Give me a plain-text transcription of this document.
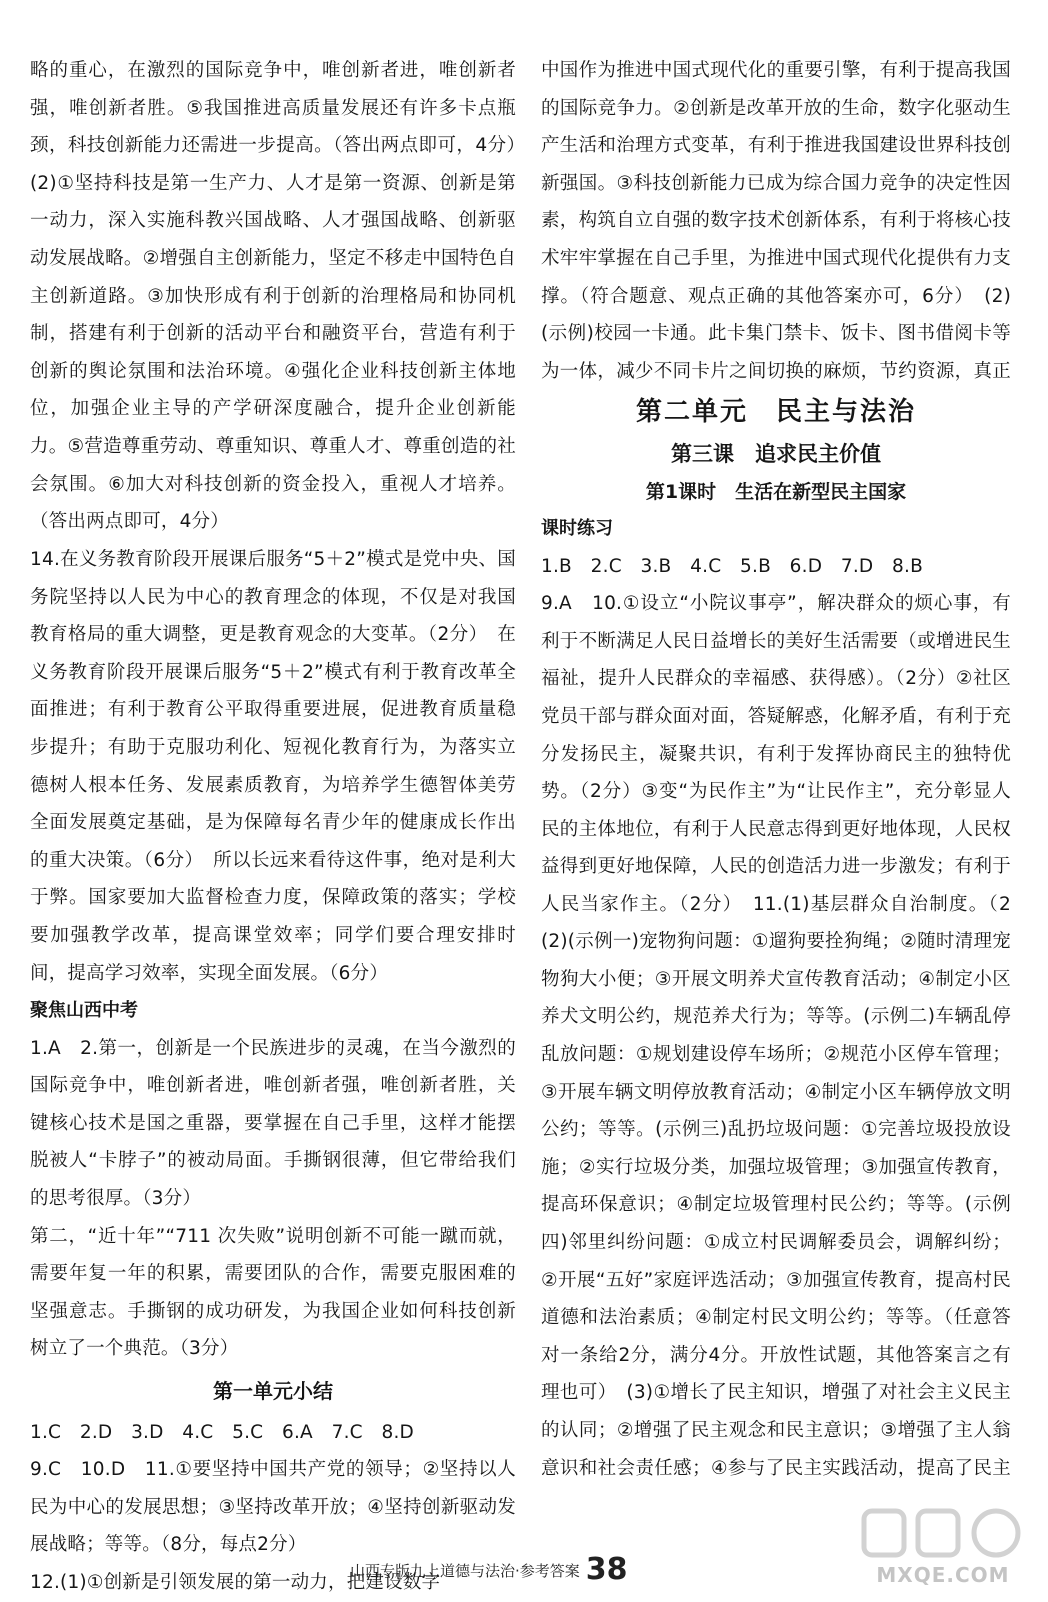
略的重心，在激烈的国际竞争中，唯创新者进，唯创新者强，唯创新者胜。⑤我国推进高质量发展还有许多卡点瓶颈，科技创新能力还需进一步提高。（答出两点即可，4分）　(2)①坚持科技是第一生产力、人才是第一资源、创新是第一动力，深入实施科教兴国战略、人才强国战略、创新驱动发展战略。②增强自主创新能力，坚定不移走中国特色自主创新道路。③加快形成有利于创新的治理格局和协同机制，搭建有利于创新的活动平台和融资平台，营造有利于创新的舆论氛围和法治环境。④强化企业科技创新主体地位，加强企业主导的产学研深度融合，提升企业创新能力。⑤营造尊重劳动、尊重知识、尊重人才、尊重创造的社会氛围。⑥加大对科技创新的资金投入，重视人才培养。（答出两点即可，4分）

14.在义务教育阶段开展课后服务“5＋2”模式是党中央、国务院坚持以人民为中心的教育理念的体现，不仅是对我国教育格局的重大调整，更是教育观念的大变革。（2分）　在义务教育阶段开展课后服务“5＋2”模式有利于教育改革全面推进；有利于教育公平取得重要进展，促进教育质量稳步提升；有助于克服功利化、短视化教育行为，为落实立德树人根本任务、发展素质教育，为培养学生德智体美劳全面发展奠定基础，是为保障每名青少年的健康成长作出的重大决策。（6分）　所以长远来看待这件事，绝对是利大于弊。国家要加大监督检查力度，保障政策的落实；学校要加强教学改革，提高课堂效率；同学们要合理安排时间，提高学习效率，实现全面发展。（6分）

聚焦山西中考

1.A　2.第一，创新是一个民族进步的灵魂，在当今激烈的国际竞争中，唯创新者进，唯创新者强，唯创新者胜，关键核心技术是国之重器，要掌握在自己手里，这样才能摆脱被人“卡脖子”的被动局面。手撕钢很薄，但它带给我们的思考很厚。（3分）

第二，“近十年”“711 次失败”说明创新不可能一蹴而就，需要年复一年的积累，需要团队的合作，需要克服困难的坚强意志。手撕钢的成功研发，为我国企业如何科技创新树立了一个典范。（3分）

第一单元小结

1.C　2.D　3.D　4.C　5.C　6.A　7.C　8.D

9.C　10.D　11.①要坚持中国共产党的领导；②坚持以人民为中心的发展思想；③坚持改革开放；④坚持创新驱动发展战略；等等。（8分，每点2分）

12.(1)①创新是引领发展的第一动力，把建设数字

中国作为推进中国式现代化的重要引擎，有利于提高我国的国际竞争力。②创新是改革开放的生命，数字化驱动生产生活和治理方式变革，有利于推进我国建设世界科技创新强国。③科技创新能力已成为综合国力竞争的决定性因素，构筑自立自强的数字技术创新体系，有利于将核心技术牢牢掌握在自己手里，为推进中国式现代化提供有力支撑。（符合题意、观点正确的其他答案亦可，6分）　(2)(示例)校园一卡通。此卡集门禁卡、饭卡、图书借阅卡等为一体，减少不同卡片之间切换的麻烦，节约资源，真正

第二单元　民主与法治

第三课　追求民主价值

第1课时　生活在新型民主国家

课时练习

1.B　2.C　3.B　4.C　5.B　6.D　7.D　8.B

9.A　10.①设立“小院议事亭”，解决群众的烦心事，有利于不断满足人民日益增长的美好生活需要（或增进民生福祉，提升人民群众的幸福感、获得感）。（2分）②社区党员干部与群众面对面，答疑解惑，化解矛盾，有利于充分发扬民主，凝聚共识，有利于发挥协商民主的独特优势。（2分）③变“为民作主”为“让民作主”，充分彰显人民的主体地位，有利于人民意志得到更好地体现，人民权益得到更好地保障，人民的创造活力进一步激发；有利于人民当家作主。（2分）　11.(1)基层群众自治制度。（2

(2)(示例一)宠物狗问题：①遛狗要拴狗绳；②随时清理宠物狗大小便；③开展文明养犬宣传教育活动；④制定小区养犬文明公约，规范养犬行为；等等。(示例二)车辆乱停乱放问题：①规划建设停车场所；②规范小区停车管理；③开展车辆文明停放教育活动；④制定小区车辆停放文明公约；等等。(示例三)乱扔垃圾问题：①完善垃圾投放设施；②实行垃圾分类，加强垃圾管理；③加强宣传教育，提高环保意识；④制定垃圾管理村民公约；等等。(示例四)邻里纠纷问题：①成立村民调解委员会，调解纠纷；②开展“五好”家庭评选活动；③加强宣传教育，提高村民道德和法治素质；④制定村民文明公约；等等。（任意答对一条给2分，满分4分。开放性试题，其他答案言之有理也可）　(3)①增长了民主知识，增强了对社会主义民主的认同；②增强了民主观念和民主意识；③增强了主人翁意识和社会责任感；④参与了民主实践活动，提高了民主

山西专版九上道德与法治·参考答案 38	MXQE.COM
